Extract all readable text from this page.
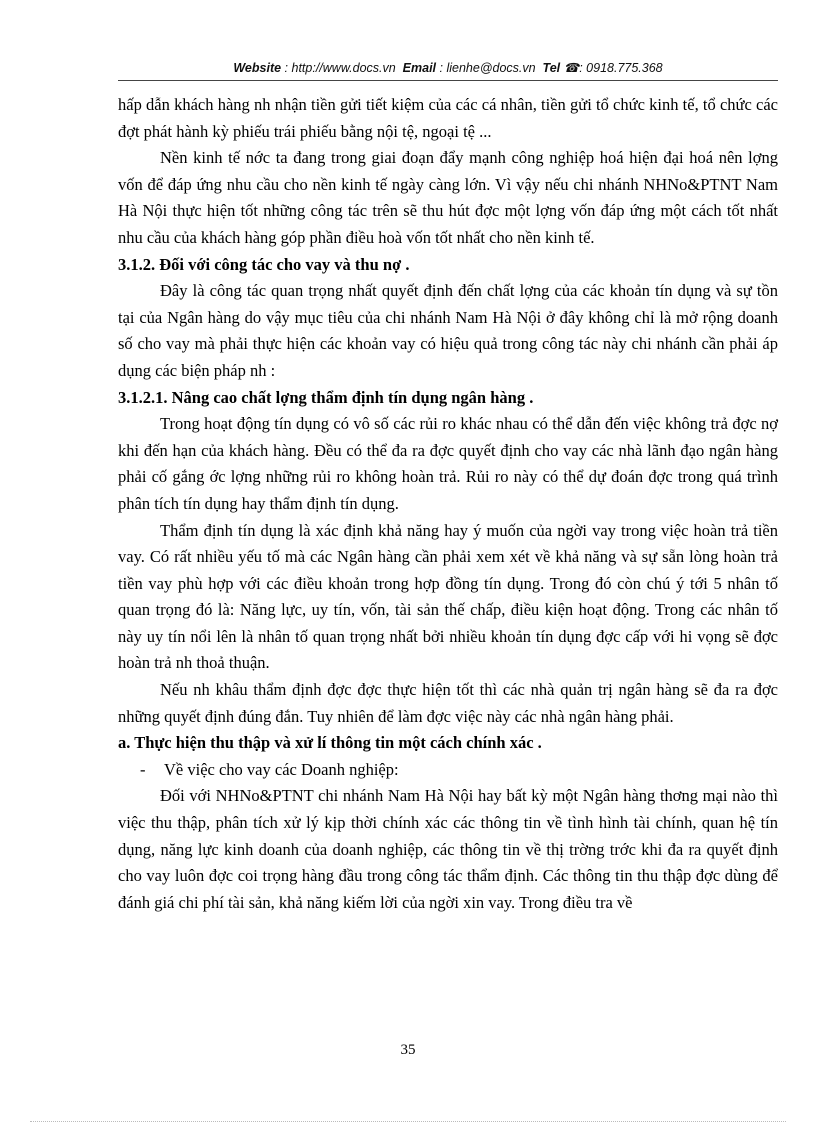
Website : http://www.docs.vn Email : lienhe@docs.vn Tel ☎: 0918.775.368

hấp dẫn khách hàng nh nhận tiền gửi tiết kiệm của các cá nhân, tiền gửi tổ chức kinh tế, tổ chức các đợt phát hành kỳ phiếu trái phiếu bằng nội tệ, ngoại tệ ...

Nền kinh tế nớc ta đang trong giai đoạn đẩy mạnh công nghiệp hoá hiện đại hoá nên lợng vốn để đáp ứng nhu cầu cho nền kinh tế ngày càng lớn. Vì vậy nếu chi nhánh NHNo&PTNT Nam Hà Nội thực hiện tốt những công tác trên sẽ thu hút đợc một lợng vốn đáp ứng một cách tốt nhất nhu cầu của khách hàng góp phần điều hoà vốn tốt nhất cho nền kinh tế.

3.1.2. Đối với công tác cho vay và thu nợ .

Đây là công tác quan trọng nhất quyết định đến chất lợng của các khoản tín dụng và sự tồn tại của Ngân hàng do vậy mục tiêu của chi nhánh Nam Hà Nội ở đây không chỉ là mở rộng doanh số cho vay mà phải thực hiện các khoản vay có hiệu quả trong công tác này chi nhánh cần phải áp dụng các biện pháp nh :

3.1.2.1. Nâng cao chất lợng thẩm định tín dụng ngân hàng .

Trong hoạt động tín dụng có vô số các rủi ro khác nhau có thể dẫn đến việc không trả đợc nợ khi đến hạn của khách hàng. Đều có thể đa ra đợc quyết định cho vay các nhà lãnh đạo ngân hàng phải cố gắng ớc lợng những rủi ro không hoàn trả. Rủi ro này có thể dự đoán đợc trong quá trình phân tích tín dụng hay thẩm định tín dụng.

Thẩm định tín dụng là xác định khả năng hay ý muốn của ngời vay trong việc hoàn trả tiền vay. Có rất nhiều yếu tố mà các Ngân hàng cần phải xem xét về khả năng và sự sẵn lòng hoàn trả tiền vay phù hợp với các điều khoản trong hợp đồng tín dụng. Trong đó còn chú ý tới 5 nhân tố quan trọng đó là: Năng lực, uy tín, vốn, tài sản thế chấp, điều kiện hoạt động. Trong các nhân tố này uy tín nổi lên là nhân tố quan trọng nhất bởi nhiều khoản tín dụng đợc cấp với hi vọng sẽ đợc hoàn trả nh thoả thuận.

Nếu nh khâu thẩm định đợc đợc thực hiện tốt thì các nhà quản trị ngân hàng sẽ đa ra đợc những quyết định đúng đắn. Tuy nhiên để làm đợc việc này các nhà ngân hàng phải.

a. Thực hiện thu thập và xử lí thông tin một cách chính xác .
-	Về việc cho vay các Doanh nghiệp:

Đối với NHNo&PTNT chi nhánh Nam Hà Nội hay bất kỳ một Ngân hàng thơng mại nào thì việc thu thập, phân tích xử lý kịp thời chính xác các thông tin về tình hình tài chính, quan hệ tín dụng, năng lực kinh doanh của doanh nghiệp, các thông tin về thị trờng trớc khi đa ra quyết định cho vay luôn đợc coi trọng hàng đầu trong công tác thẩm định. Các thông tin thu thập đợc dùng để đánh giá chi phí tài sản, khả năng kiếm lời của ngời xin vay. Trong điều tra về

35
